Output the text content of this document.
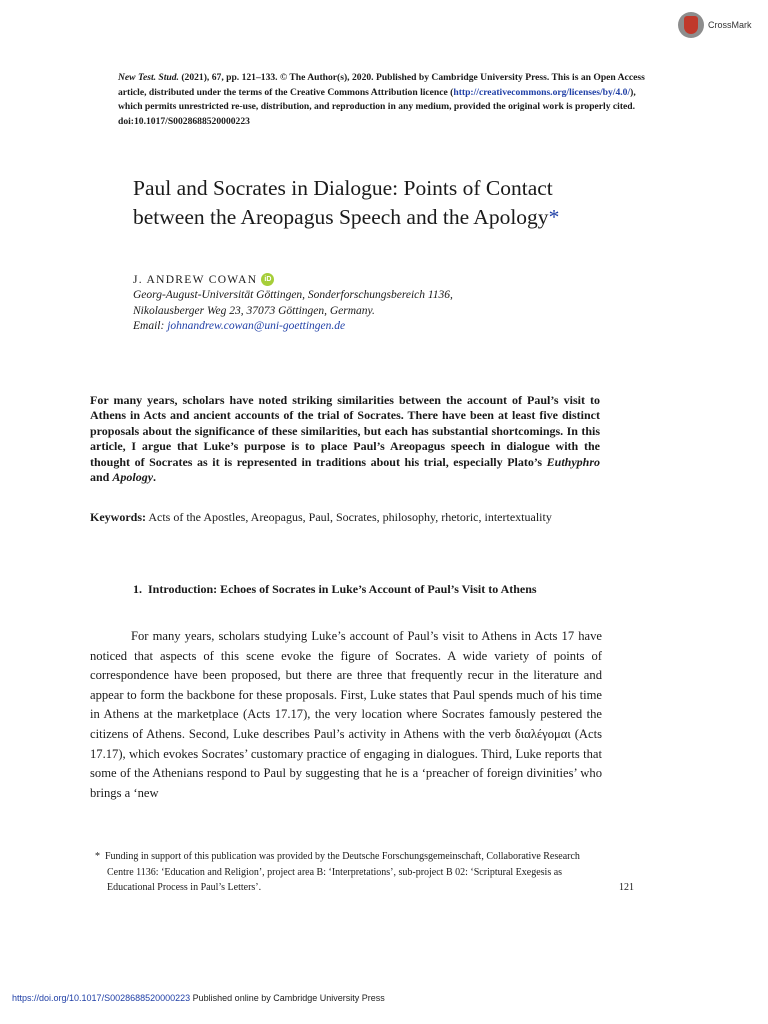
CrossMark
New Test. Stud. (2021), 67, pp. 121–133. © The Author(s), 2020. Published by Cambridge University Press. This is an Open Access article, distributed under the terms of the Creative Commons Attribution licence (http://creativecommons.org/licenses/by/4.0/), which permits unrestricted re-use, distribution, and reproduction in any medium, provided the original work is properly cited.
doi:10.1017/S0028688520000223
Paul and Socrates in Dialogue: Points of Contact between the Areopagus Speech and the Apology*
J. ANDREW COWAN	iD
Georg-August-Universität Göttingen, Sonderforschungsbereich 1136,
Nikolausberger Weg 23, 37073 Göttingen, Germany.
Email: johnandrew.cowan@uni-goettingen.de
For many years, scholars have noted striking similarities between the account of Paul’s visit to Athens in Acts and ancient accounts of the trial of Socrates. There have been at least five distinct proposals about the significance of these similarities, but each has substantial shortcomings. In this article, I argue that Luke’s purpose is to place Paul’s Areopagus speech in dialogue with the thought of Socrates as it is represented in traditions about his trial, especially Plato’s Euthyphro and Apology.
Keywords: Acts of the Apostles, Areopagus, Paul, Socrates, philosophy, rhetoric, intertextuality
1. Introduction: Echoes of Socrates in Luke’s Account of Paul’s Visit to Athens

For many years, scholars studying Luke’s account of Paul’s visit to Athens in Acts 17 have noticed that aspects of this scene evoke the figure of Socrates. A wide variety of points of correspondence have been proposed, but there are three that frequently recur in the literature and appear to form the backbone for these proposals. First, Luke states that Paul spends much of his time in Athens at the marketplace (Acts 17.17), the very location where Socrates famously pestered the citizens of Athens. Second, Luke describes Paul’s activity in Athens with the verb διαλέγομαι (Acts 17.17), which evokes Socrates’ customary practice of engaging in dialogues. Third, Luke reports that some of the Athenians respond to Paul by suggesting that he is a ‘preacher of foreign divinities’ who brings a ‘new

* Funding in support of this publication was provided by the Deutsche Forschungsgemeinschaft, Collaborative Research Centre 1136: ‘Education and Religion’, project area B: ‘Interpretations’, sub-project B 02: ‘Scriptural Exegesis as Educational Process in Paul’s Letters’.	121
https://doi.org/10.1017/S0028688520000223 Published online by Cambridge University Press
